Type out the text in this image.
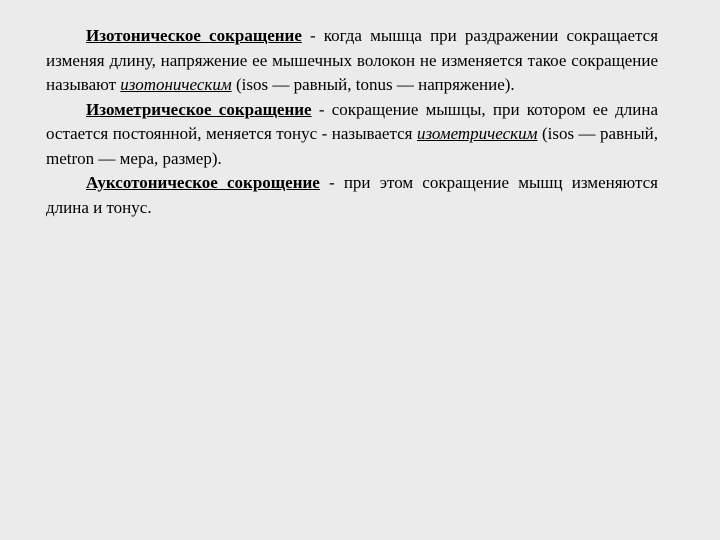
Изотоническое сокращение - когда мышца при раздражении сокращается изменяя длину, напряжение ее мышечных волокон не изменяется такое сокращение называют изотоническим (isos — равный, tonus — напряжение).

Изометрическое сокращение - сокращение мышцы, при котором ее длина остается постоянной, меняется тонус - называется изометрическим (isos — равный, metron — мера, размер).

Ауксотоническое сокрощение - при этом сокращение мышц изменяются длина и тонус.
